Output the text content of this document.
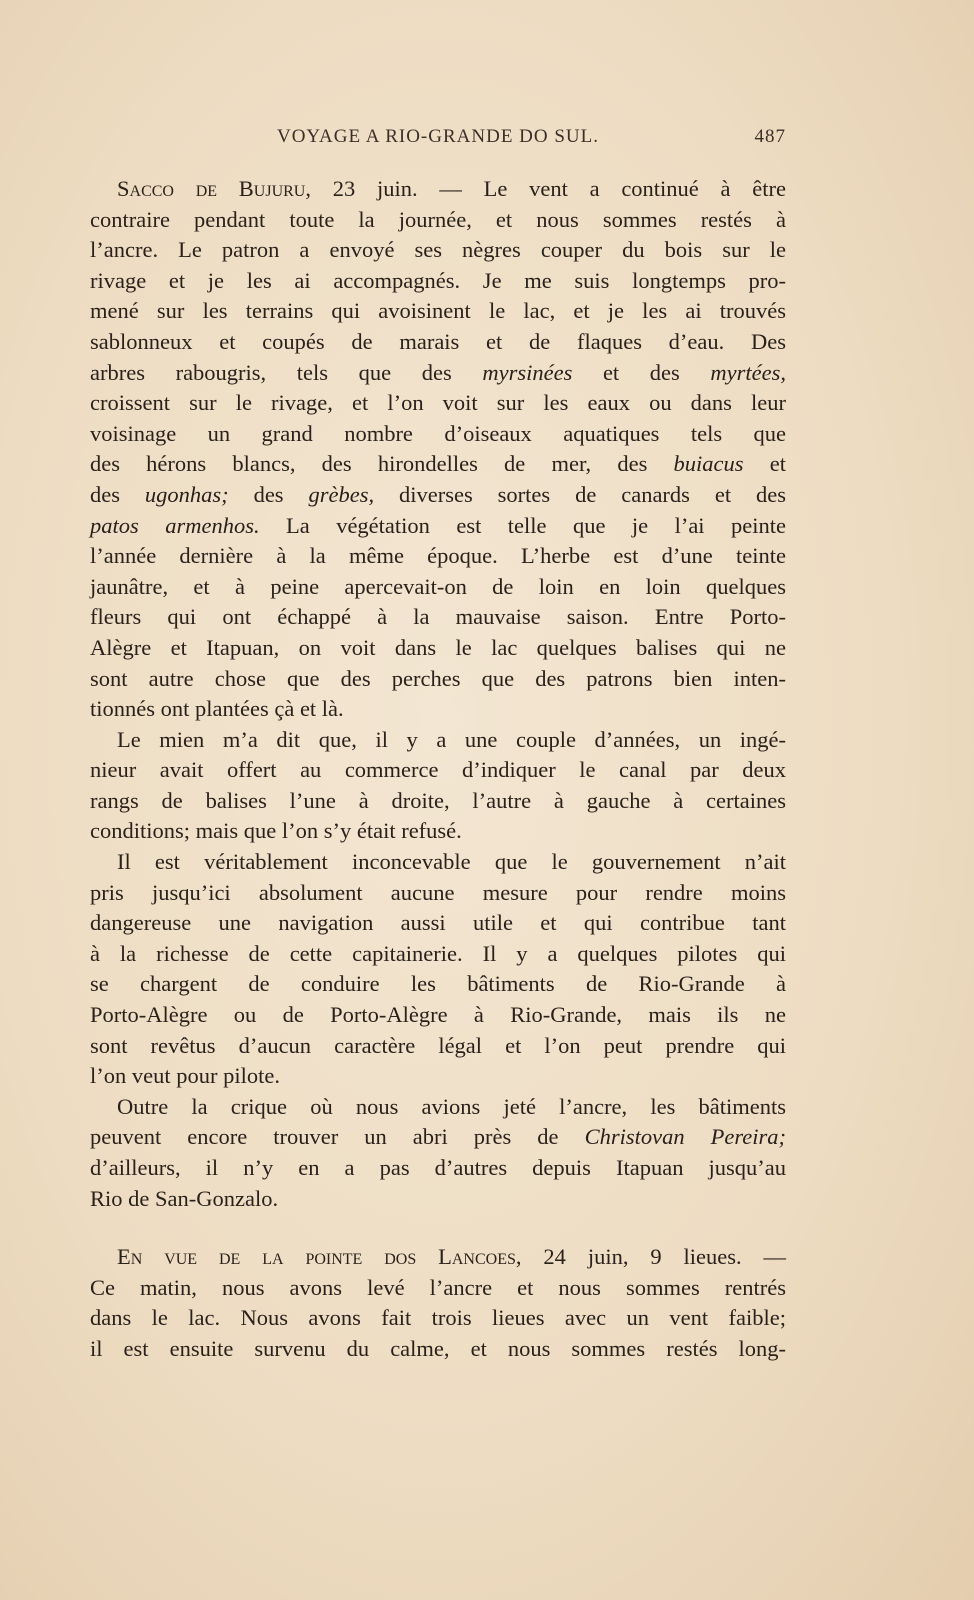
VOYAGE A RIO-GRANDE DO SUL.	487
Sacco de Bujuru, 23 juin. — Le vent a continué à être
contraire pendant toute la journée, et nous sommes restés à
l’ancre. Le patron a envoyé ses nègres couper du bois sur le
rivage et je les ai accompagnés. Je me suis longtemps pro-
mené sur les terrains qui avoisinent le lac, et je les ai trouvés
sablonneux et coupés de marais et de flaques d’eau. Des
arbres rabougris, tels que des myrsinées et des myrtées,
croissent sur le rivage, et l’on voit sur les eaux ou dans leur
voisinage un grand nombre d’oiseaux aquatiques tels que
des hérons blancs, des hirondelles de mer, des buiacus et
des ugonhas; des grèbes, diverses sortes de canards et des
patos armenhos. La végétation est telle que je l’ai peinte
l’année dernière à la même époque. L’herbe est d’une teinte
jaunâtre, et à peine apercevait-on de loin en loin quelques
fleurs qui ont échappé à la mauvaise saison. Entre Porto-
Alègre et Itapuan, on voit dans le lac quelques balises qui ne
sont autre chose que des perches que des patrons bien inten-
tionnés ont plantées çà et là.
Le mien m’a dit que, il y a une couple d’années, un ingé-
nieur avait offert au commerce d’indiquer le canal par deux
rangs de balises l’une à droite, l’autre à gauche à certaines
conditions; mais que l’on s’y était refusé.
Il est véritablement inconcevable que le gouvernement n’ait
pris jusqu’ici absolument aucune mesure pour rendre moins
dangereuse une navigation aussi utile et qui contribue tant
à la richesse de cette capitainerie. Il y a quelques pilotes qui
se chargent de conduire les bâtiments de Rio-Grande à
Porto-Alègre ou de Porto-Alègre à Rio-Grande, mais ils ne
sont revêtus d’aucun caractère légal et l’on peut prendre qui
l’on veut pour pilote.
Outre la crique où nous avions jeté l’ancre, les bâtiments
peuvent encore trouver un abri près de Christovan Pereira;
d’ailleurs, il n’y en a pas d’autres depuis Itapuan jusqu’au
Rio de San-Gonzalo.
En vue de la pointe dos Lancoes, 24 juin, 9 lieues. —
Ce matin, nous avons levé l’ancre et nous sommes rentrés
dans le lac. Nous avons fait trois lieues avec un vent faible;
il est ensuite survenu du calme, et nous sommes restés long-
